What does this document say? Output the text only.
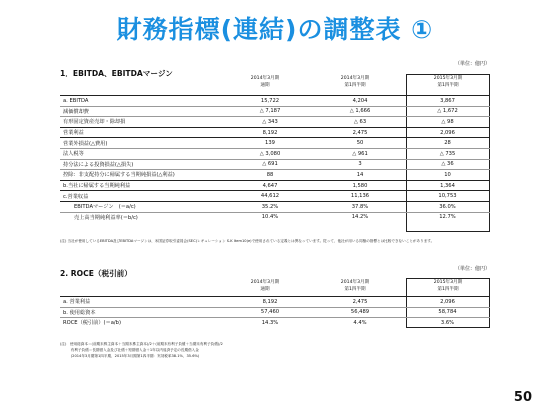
財務指標(連結)の調整表 ①
1．EBITDA、EBITDAマージン
（単位：億円）
2014年3月期
通期
2014年3月期
第1四半期
2015年3月期
第1四半期
a. EBITDA	15,722	4,204	3,867
減価償却費	△ 7,187	△ 1,666	△ 1,672
有形固定資産売却・除却損	△ 343	△ 63	△ 98
営業利益	8,192	2,475	2,096
営業外損益(△費用)	139	50	28
法人税等	△ 3,080	△ 961	△ 735
持分法による投資損益(△損失)	△ 691	3	△ 36
控除：非支配持分に帰属する当期純損益(△利益)	88	14	10
b.当社に帰属する当期純利益	4,647	1,580	1,364
c.営業収益	44,612	11,136	10,753
EBITDAマージン　(＝a/c)	35.2%	37.8%	36.0%
売上高当期純利益率(＝b/c)	10.4%	14.2%	12.7%
(注) 当社が使用しているEBITDA及びEBITDAマージンは、米国証券取引委員会(SEC)レギュレーション S-K Item10(e)で使用されている定義とは異なっています。従って、他社が用いる同様の指標とは比較できないことがあります。
2. ROCE（税引前）	（単位：億円）
2014年3月期
通期
2014年3月期
第1四半期
2015年3月期
第1四半期
a. 営業利益	8,192	2,475	2,096
b. 使用総資本	57,460	56,489	58,784
ROCE（税引前）(＝a/b)	14.3%	4.4%	3.6%
(注)　使用総資本＝(前期末株主資本＋当期末株主資本)/2＋(前期末有利子負債＋当期末有利子負債)/2
　　　有利子負債＝長期借入金及び社債＋短期借入金＋1年以内返済予定の長期借入金
　　　(2014年3月期第1四半期、2015年3月期第1四半期：実効税率38.1%、35.6%)
50
